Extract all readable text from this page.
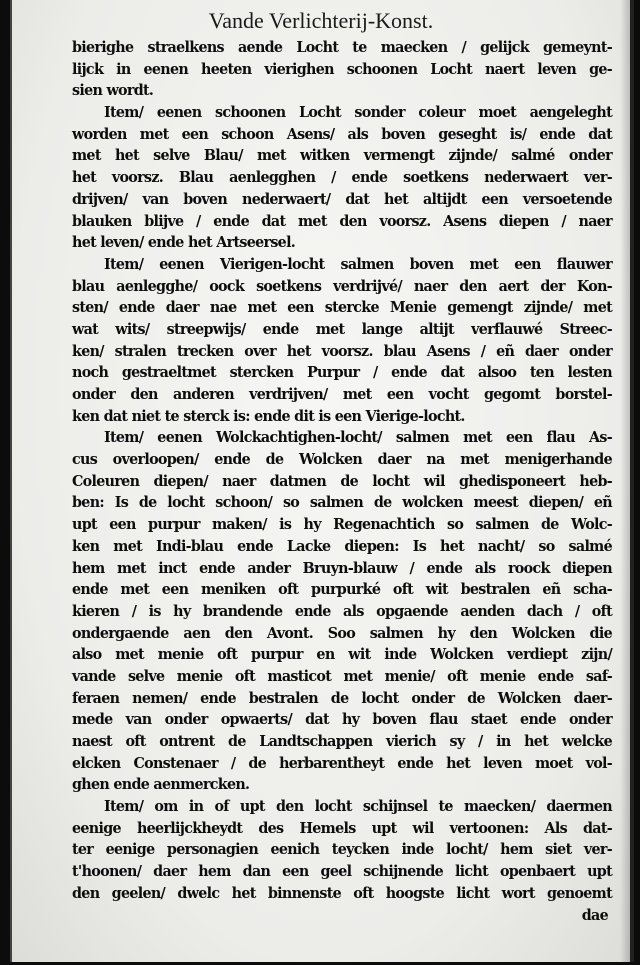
Vande Verlichterij-Konst.
bierighe straelkens aende Locht te maecken / gelijck gemeynt-
lijck in eenen heeten vierighen schoonen Locht naert leven ge-
sien wordt.
Item/ eenen schoonen Locht sonder coleur moet aengeleght
worden met een schoon Asens/ als boven geseght is/ ende dat
met het selve Blau/ met witken vermengt zijnde/ salmé onder
het voorsz. Blau aenlegghen / ende soetkens nederwaert ver-
drijven/ van boven nederwaert/ dat het altijdt een versoetende
blauken blijve / ende dat met den voorsz. Asens diepen / naer
het leven/ ende het Artseersel.
Item/ eenen Vierigen-locht salmen boven met een flauwer
blau aenlegghe/ oock soetkens verdrijvé/ naer den aert der Kon-
sten/ ende daer nae met een stercke Menie gemengt zijnde/ met
wat wits/ streepwijs/ ende met lange altijt verflauwé Streec-
ken/ stralen trecken over het voorsz. blau Asens / eñ daer onder
noch gestraeltmet stercken Purpur / ende dat alsoo ten lesten
onder den anderen verdrijven/ met een vocht gegomt borstel-
ken dat niet te sterck is: ende dit is een Vierige-locht.
Item/ eenen Wolckachtighen-locht/ salmen met een flau As-
cus overloopen/ ende de Wolcken daer na met menigerhande
Coleuren diepen/ naer datmen de locht wil ghedisponeert heb-
ben: Is de locht schoon/ so salmen de wolcken meest diepen/ eñ
upt een purpur maken/ is hy Regenachtich so salmen de Wolc-
ken met Indi-blau ende Lacke diepen: Is het nacht/ so salmé
hem met inct ende ander Bruyn-blauw / ende als roock diepen
ende met een meniken oft purpurké oft wit bestralen eñ scha-
kieren / is hy brandende ende als opgaende aenden dach / oft
ondergaende aen den Avont. Soo salmen hy den Wolcken die
also met menie oft purpur en wit inde Wolcken verdiept zijn/
vande selve menie oft masticot met menie/ oft menie ende saf-
feraen nemen/ ende bestralen de locht onder de Wolcken daer-
mede van onder opwaerts/ dat hy boven flau staet ende onder
naest oft ontrent de Landtschappen vierich sy / in het welcke
elcken Constenaer / de herbarentheyt ende het leven moet vol-
ghen ende aenmercken.
Item/ om in of upt den locht schijnsel te maecken/ daermen
eenige heerlijckheydt des Hemels upt wil vertoonen: Als dat-
ter eenige personagien eenich teycken inde locht/ hem siet ver-
t'hoonen/ daer hem dan een geel schijnende licht openbaert upt
den geelen/ dwelc het binnenste oft hoogste licht wort genoemt
dae
